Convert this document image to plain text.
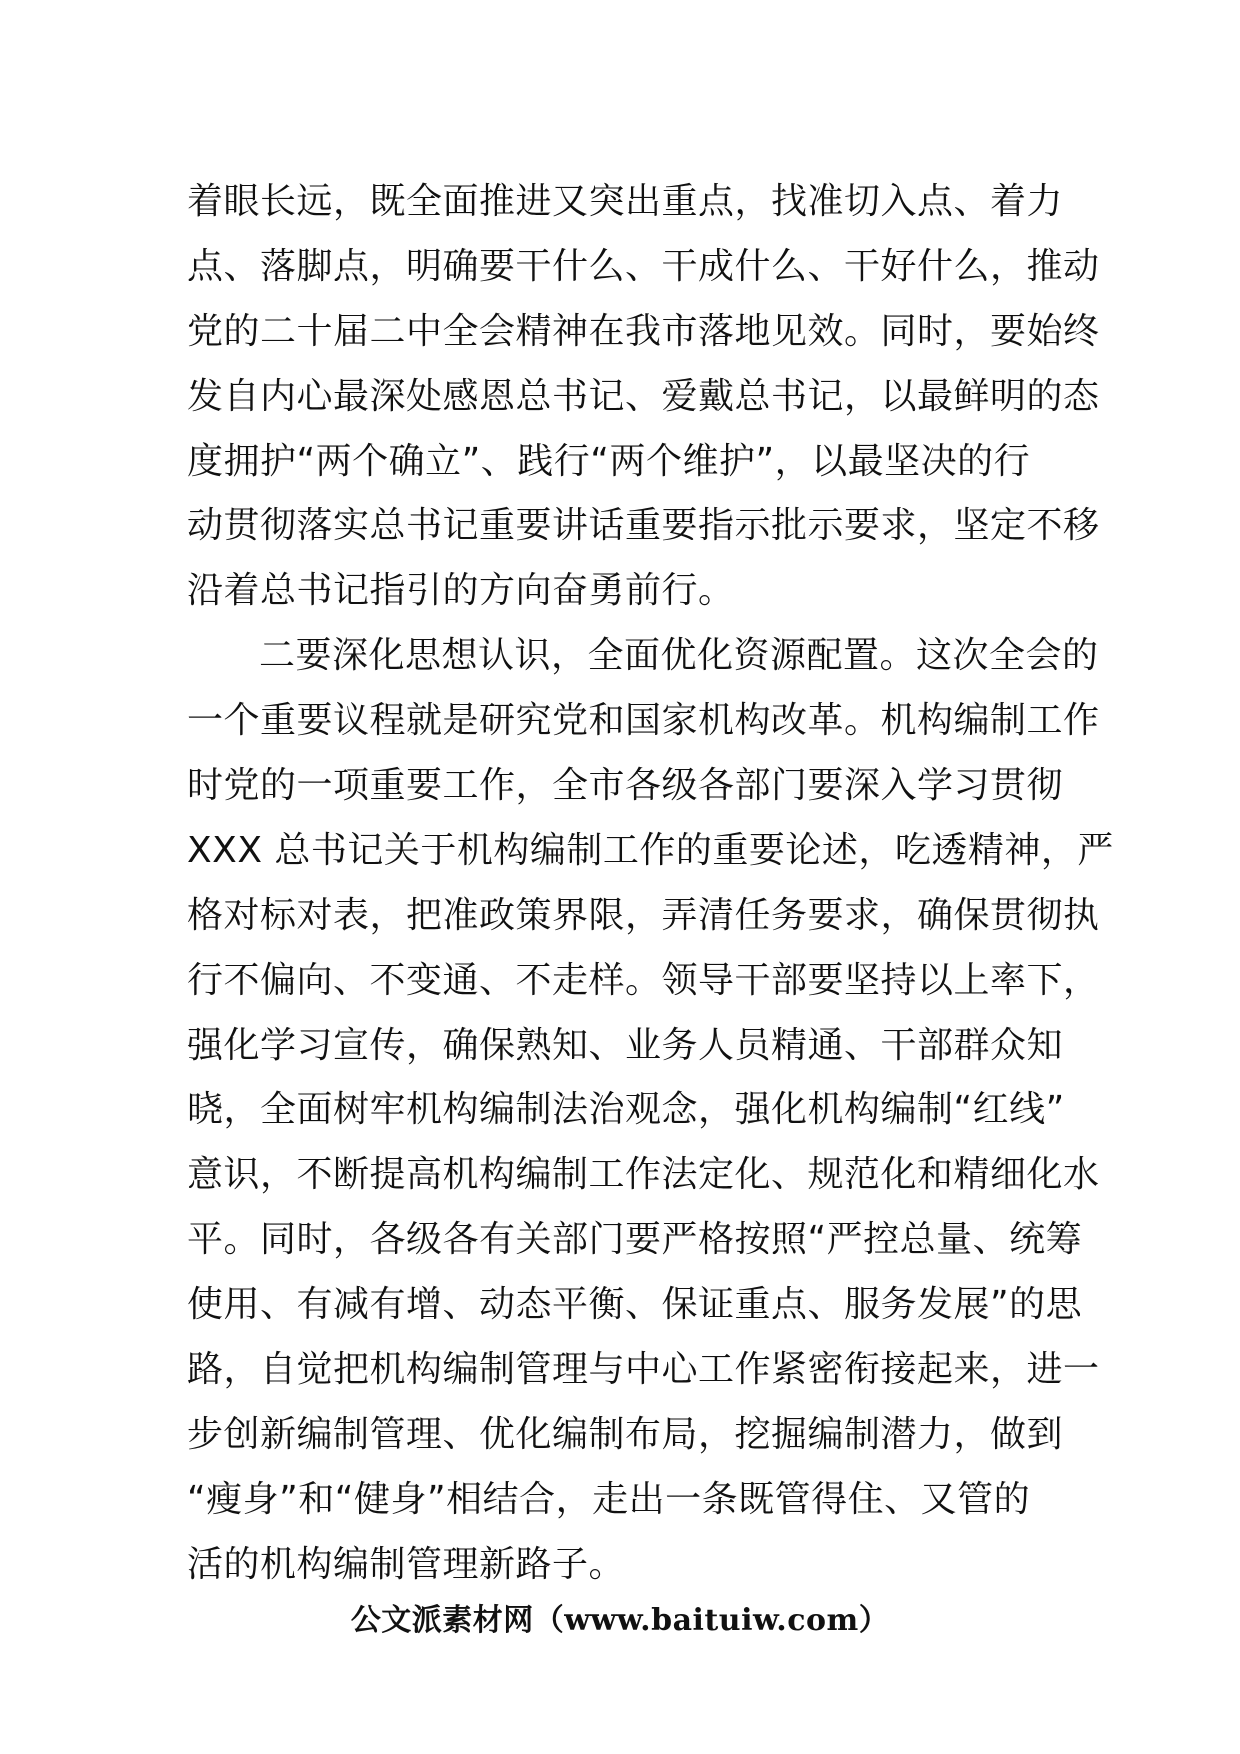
着眼长远，既全面推进又突出重点，找准切入点、着力
点、落脚点，明确要干什么、干成什么、干好什么，推动
党的二十届二中全会精神在我市落地见效。同时，要始终
发自内心最深处感恩总书记、爱戴总书记，以最鲜明的态
度拥护“两个确立”、践行“两个维护”，以最坚决的行
动贯彻落实总书记重要讲话重要指示批示要求，坚定不移
沿着总书记指引的方向奋勇前行。
二要深化思想认识，全面优化资源配置。这次全会的
一个重要议程就是研究党和国家机构改革。机构编制工作
时党的一项重要工作，全市各级各部门要深入学习贯彻
XXX 总书记关于机构编制工作的重要论述，吃透精神，严
格对标对表，把准政策界限，弄清任务要求，确保贯彻执
行不偏向、不变通、不走样。领导干部要坚持以上率下，
强化学习宣传，确保熟知、业务人员精通、干部群众知
晓，全面树牢机构编制法治观念，强化机构编制“红线”
意识，不断提高机构编制工作法定化、规范化和精细化水
平。同时，各级各有关部门要严格按照“严控总量、统筹
使用、有减有增、动态平衡、保证重点、服务发展”的思
路，自觉把机构编制管理与中心工作紧密衔接起来，进一
步创新编制管理、优化编制布局，挖掘编制潜力，做到
“瘦身”和“健身”相结合，走出一条既管得住、又管的
活的机构编制管理新路子。
公文派素材网（www.baituiw.com）
